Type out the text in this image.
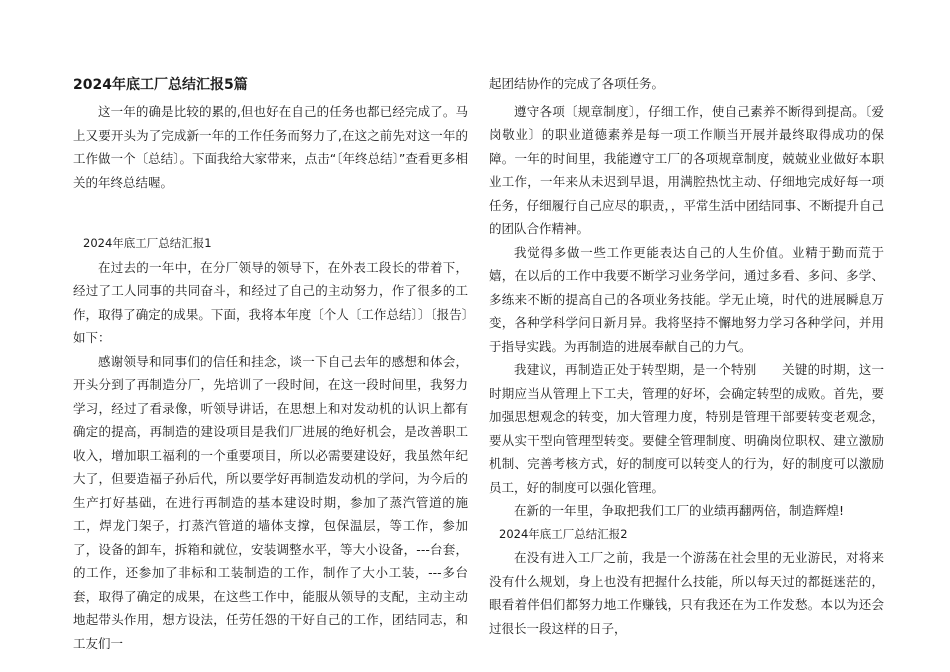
2024年底工厂总结汇报5篇

这一年的确是比较的累的,但也好在自己的任务也都已经完成了。马上又要开头为了完成新一年的工作任务而努力了,在这之前先对这一年的工作做一个〔总结〕。下面我给大家带来，点击“〔年终总结〕”查看更多相关的年终总结喔。

2024年底工厂总结汇报1

在过去的一年中，在分厂领导的领导下，在外表工段长的带着下，经过了工人同事的共同奋斗，和经过了自己的主动努力，作了很多的工作，取得了确定的成果。下面，我将本年度〔个人〔工作总结〕〕〔报告〕如下：

感谢领导和同事们的信任和挂念，谈一下自己去年的感想和体会，开头分到了再制造分厂，先培训了一段时间，在这一段时间里，我努力学习，经过了看录像，听领导讲话，在思想上和对发动机的认识上都有确定的提高，再制造的建设项目是我们厂进展的绝好机会，是改善职工收入，增加职工福利的一个重要项目，所以必需要建设好，我虽然年纪大了，但要造福子孙后代，所以要学好再制造发动机的学问，为今后的生产打好基础，在进行再制造的基本建设时期，参加了蒸汽管道的施工，焊龙门架子，打蒸汽管道的墙体支撑，包保温层，等工作，参加了，设备的卸车，拆箱和就位，安装调整水平，等大小设备，---台套，的工作，还参加了非标和工装制造的工作，制作了大小工装，---多台套，取得了确定的成果，在这些工作中，能服从领导的支配，主动主动地起带头作用，想方设法，任劳任怨的干好自己的工作，团结同志，和工友们一

起团结协作的完成了各项任务。

遵守各项〔规章制度〕，仔细工作，使自己素养不断得到提高。〔爱岗敬业〕的职业道德素养是每一项工作顺当开展并最终取得成功的保障。一年的时间里，我能遵守工厂的各项规章制度，兢兢业业做好本职业工作，一年来从未迟到早退，用满腔热忱主动、仔细地完成好每一项任务，仔细履行自己应尽的职责，，平常生活中团结同事、不断提升自己的团队合作精神。

我觉得多做一些工作更能表达自己的人生价值。业精于勤而荒于嬉，在以后的工作中我要不断学习业务学问，通过多看、多问、多学、多练来不断的提高自己的各项业务技能。学无止境，时代的进展瞬息万变，各种学科学问日新月异。我将坚持不懈地努力学习各种学问，并用于指导实践。为再制造的进展奉献自己的力气。

我建议，再制造正处于转型期，是一个特别　　关键的时期，这一时期应当从管理上下工夫，管理的好坏，会确定转型的成败。首先，要加强思想观念的转变，加大管理力度，特别是管理干部要转变老观念，要从实干型向管理型转变。要健全管理制度、明确岗位职权、建立激励机制、完善考核方式，好的制度可以转变人的行为，好的制度可以激励员工，好的制度可以强化管理。

在新的一年里，争取把我们工厂的业绩再翻两倍，制造辉煌!

2024年底工厂总结汇报2

在没有进入工厂之前，我是一个游荡在社会里的无业游民，对将来没有什么规划，身上也没有把握什么技能，所以每天过的都挺迷茫的，眼看着伴侣们都努力地工作赚钱，只有我还在为工作发愁。本以为还会过很长一段这样的日子，
